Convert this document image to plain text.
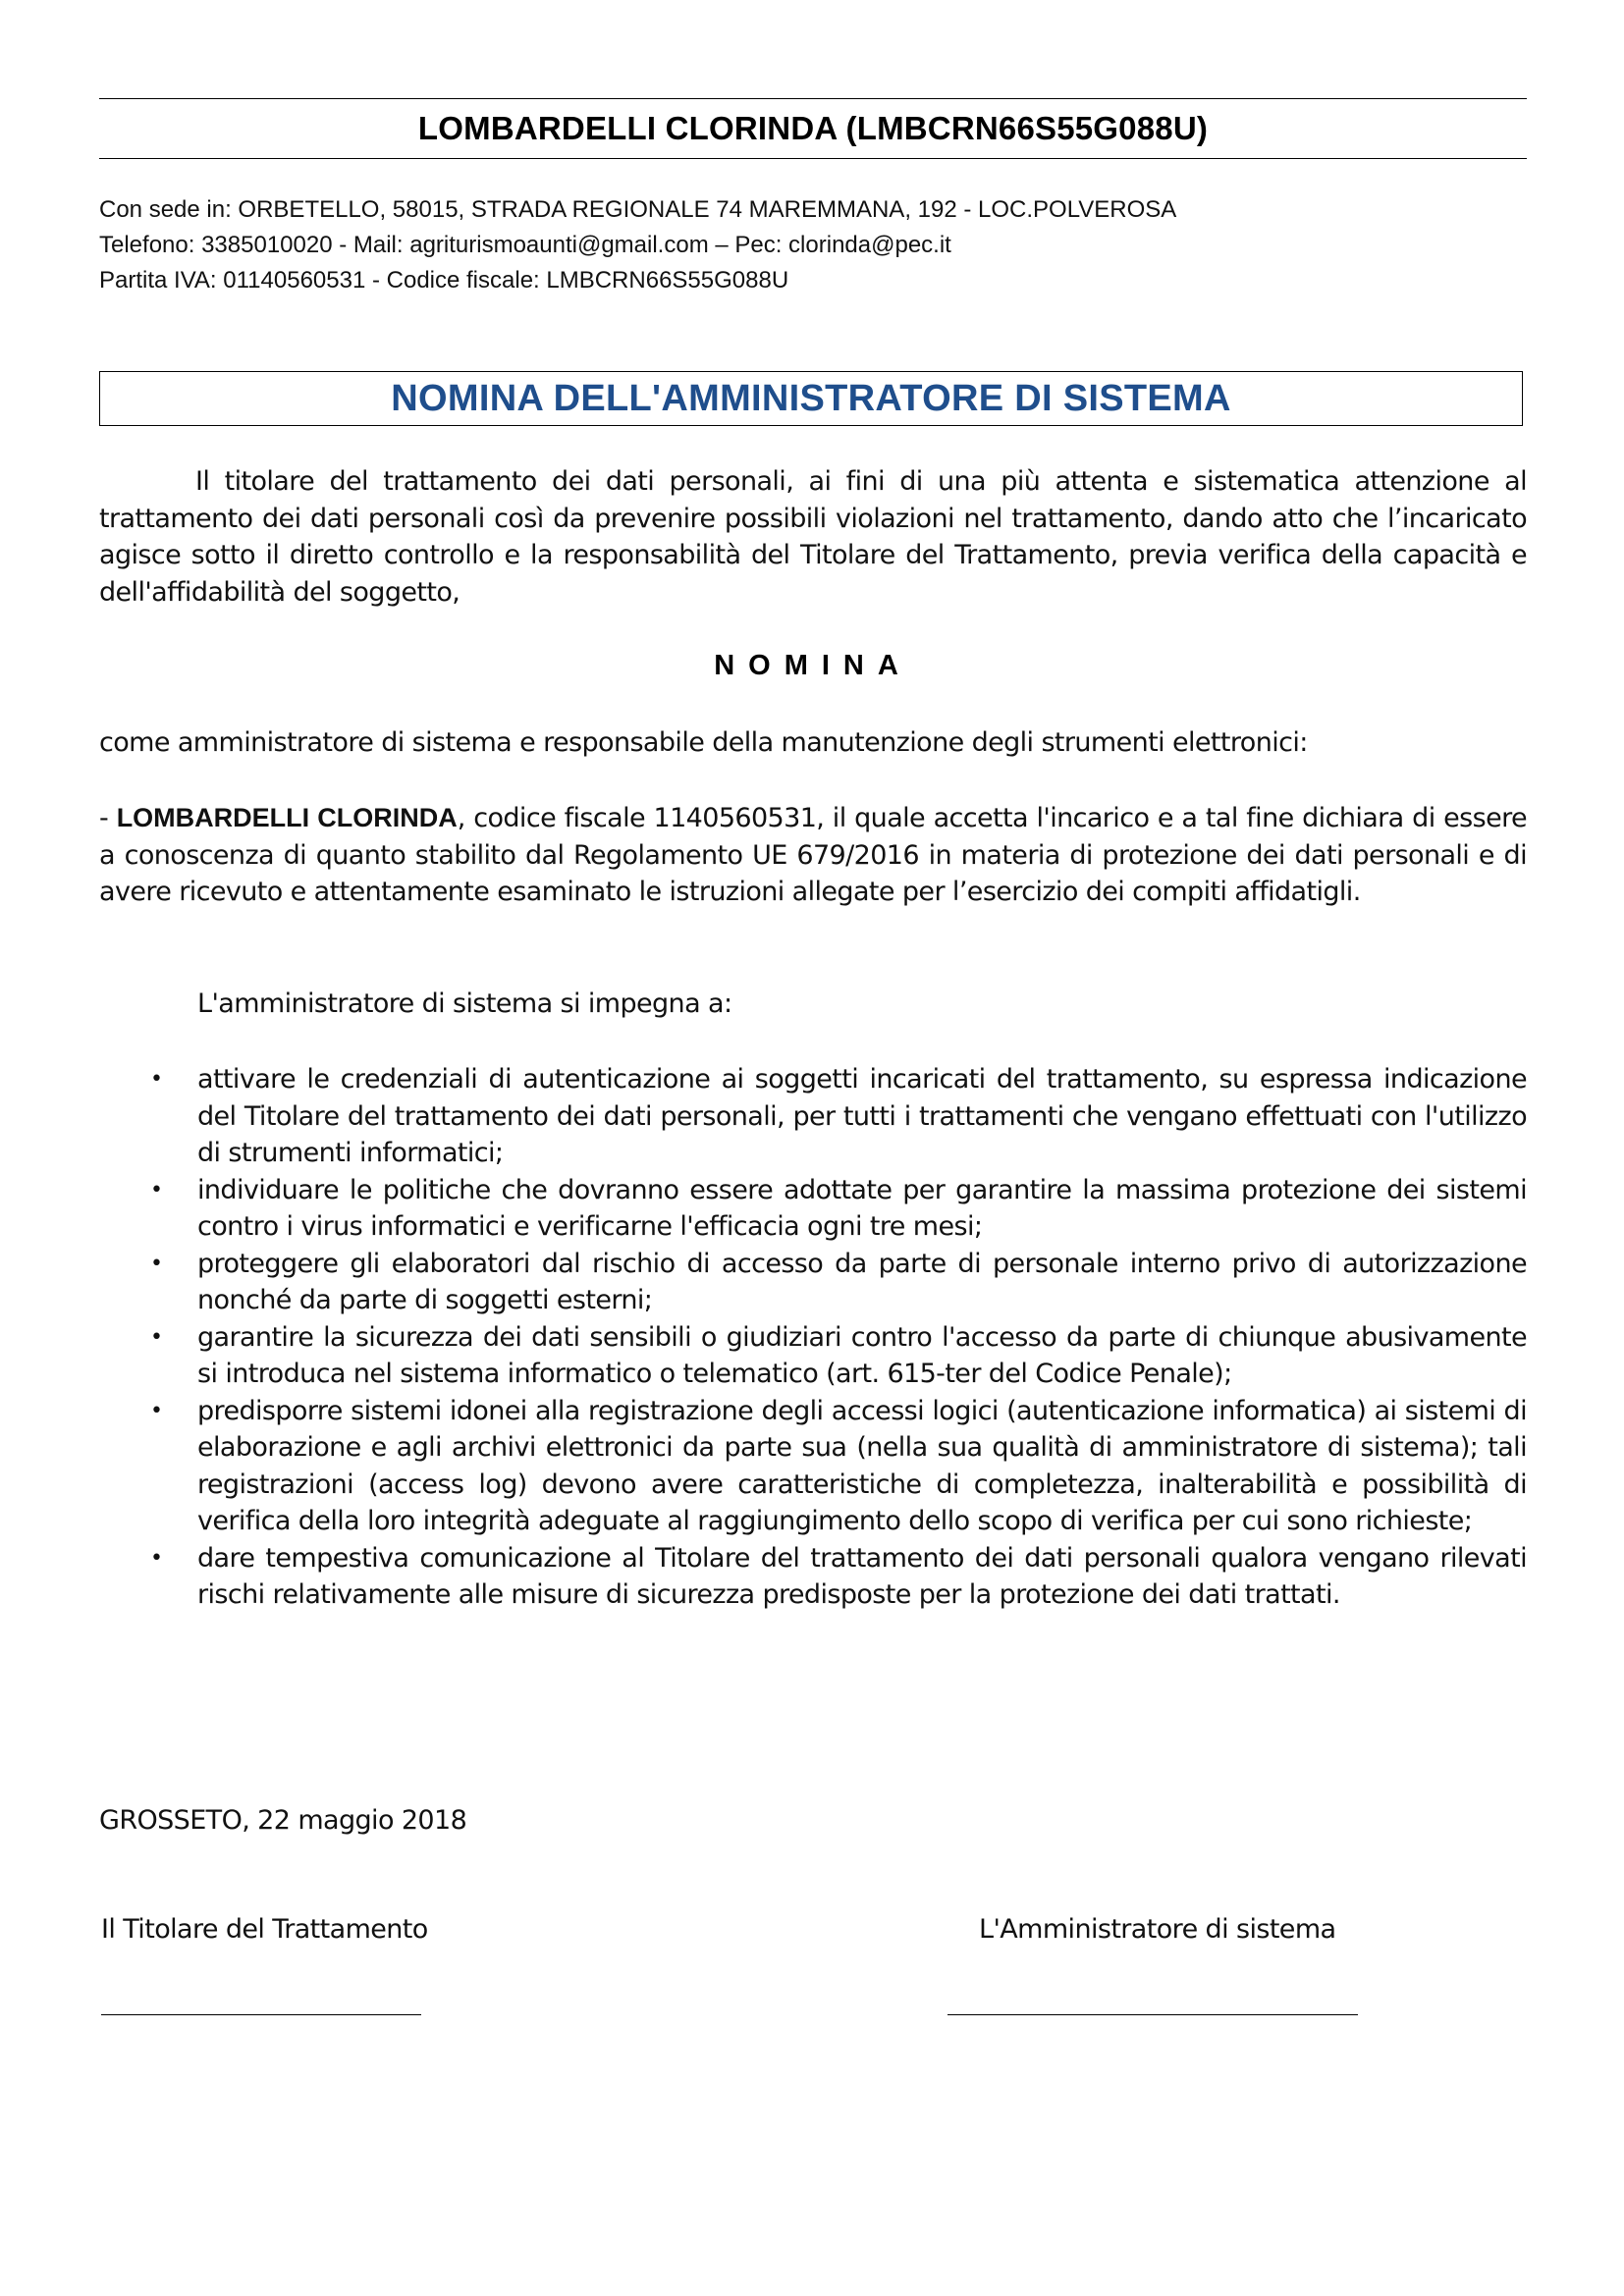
LOMBARDELLI CLORINDA (LMBCRN66S55G088U)
Con sede in: ORBETELLO, 58015, STRADA REGIONALE 74 MAREMMANA, 192 - LOC.POLVEROSA
Telefono: 3385010020 - Mail: agriturismoaunti@gmail.com – Pec: clorinda@pec.it
Partita IVA: 01140560531 - Codice fiscale: LMBCRN66S55G088U
NOMINA DELL'AMMINISTRATORE DI SISTEMA

Il titolare del trattamento dei dati personali, ai fini di una più attenta e sistematica attenzione al trattamento dei dati personali così da prevenire possibili violazioni nel trattamento, dando atto che l’incaricato agisce sotto il diretto controllo e la responsabilità del Titolare del Trattamento, previa verifica della capacità e dell'affidabilità del soggetto,

NOMINA

come amministratore di sistema e responsabile della manutenzione degli strumenti elettronici:

- LOMBARDELLI CLORINDA, codice fiscale 1140560531, il quale accetta l'incarico e a tal fine dichiara di essere a conoscenza di quanto stabilito dal Regolamento UE 679/2016 in materia di protezione dei dati personali e di avere ricevuto e attentamente esaminato le istruzioni allegate per l’esercizio dei compiti affidatigli.

L'amministratore di sistema si impegna a:

• attivare le credenziali di autenticazione ai soggetti incaricati del trattamento, su espressa indicazione del Titolare del trattamento dei dati personali, per tutti i trattamenti che vengano effettuati con l'utilizzo di strumenti informatici;
• individuare le politiche che dovranno essere adottate per garantire la massima protezione dei sistemi contro i virus informatici e verificarne l'efficacia ogni tre mesi;
• proteggere gli elaboratori dal rischio di accesso da parte di personale interno privo di autorizzazione nonché da parte di soggetti esterni;
• garantire la sicurezza dei dati sensibili o giudiziari contro l'accesso da parte di chiunque abusivamente si introduca nel sistema informatico o telematico (art. 615-ter del Codice Penale);
• predisporre sistemi idonei alla registrazione degli accessi logici (autenticazione informatica) ai sistemi di elaborazione e agli archivi elettronici da parte sua (nella sua qualità di amministratore di sistema); tali registrazioni (access log) devono avere caratteristiche di completezza, inalterabilità e possibilità di verifica della loro integrità adeguate al raggiungimento dello scopo di verifica per cui sono richieste;
• dare tempestiva comunicazione al Titolare del trattamento dei dati personali qualora vengano rilevati rischi relativamente alle misure di sicurezza predisposte per la protezione dei dati trattati.

GROSSETO, 22 maggio 2018

Il Titolare del Trattamento	L'Amministratore di sistema
